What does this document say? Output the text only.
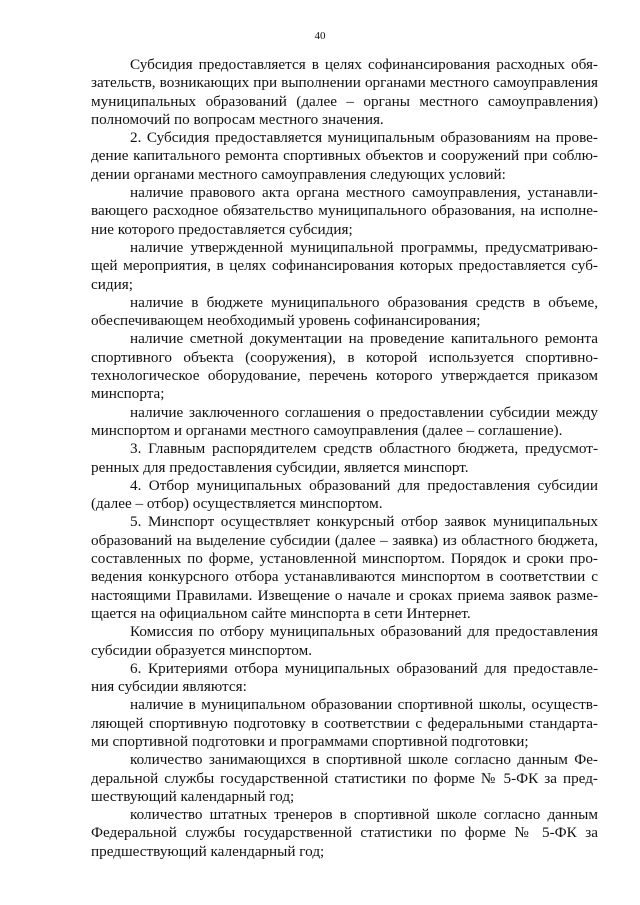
40
Субсидия предоставляется в целях софинансирования расходных обя-
зательств, возникающих при выполнении органами местного самоуправления
муниципальных образований (далее – органы местного самоуправления)
полномочий по вопросам местного значения.
2. Субсидия предоставляется муниципальным образованиям на прове-
дение капитального ремонта спортивных объектов и сооружений при соблю-
дении органами местного самоуправления следующих условий:
наличие правового акта органа местного самоуправления, устанавли-
вающего расходное обязательство муниципального образования, на исполне-
ние которого предоставляется субсидия;
наличие утвержденной муниципальной программы, предусматриваю-
щей мероприятия, в целях софинансирования которых предоставляется суб-
сидия;
наличие в бюджете муниципального образования средств в объеме,
обеспечивающем необходимый уровень софинансирования;
наличие сметной документации на проведение капитального ремонта
спортивного объекта (сооружения), в которой используется спортивно-
технологическое оборудование, перечень которого утверждается приказом
минспорта;
наличие заключенного соглашения о предоставлении субсидии между
минспортом и органами местного самоуправления (далее – соглашение).
3. Главным распорядителем средств областного бюджета, предусмот-
ренных для предоставления субсидии, является минспорт.
4. Отбор муниципальных образований для предоставления субсидии
(далее – отбор) осуществляется минспортом.
5. Минспорт осуществляет конкурсный отбор заявок муниципальных
образований на выделение субсидии (далее – заявка) из областного бюджета,
составленных по форме, установленной минспортом. Порядок и сроки про-
ведения конкурсного отбора устанавливаются минспортом в соответствии с
настоящими Правилами. Извещение о начале и сроках приема заявок разме-
щается на официальном сайте минспорта в сети Интернет.
Комиссия по отбору муниципальных образований для предоставления
субсидии образуется минспортом.
6. Критериями отбора муниципальных образований для предоставле-
ния субсидии являются:
наличие в муниципальном образовании спортивной школы, осуществ-
ляющей спортивную подготовку в соответствии с федеральными стандарта-
ми спортивной подготовки и программами спортивной подготовки;
количество занимающихся в спортивной школе согласно данным Фе-
деральной службы государственной статистики по форме № 5-ФК за пред-
шествующий календарный год;
количество штатных тренеров в спортивной школе согласно данным
Федеральной службы государственной статистики по форме № 5-ФК за
предшествующий календарный год;
